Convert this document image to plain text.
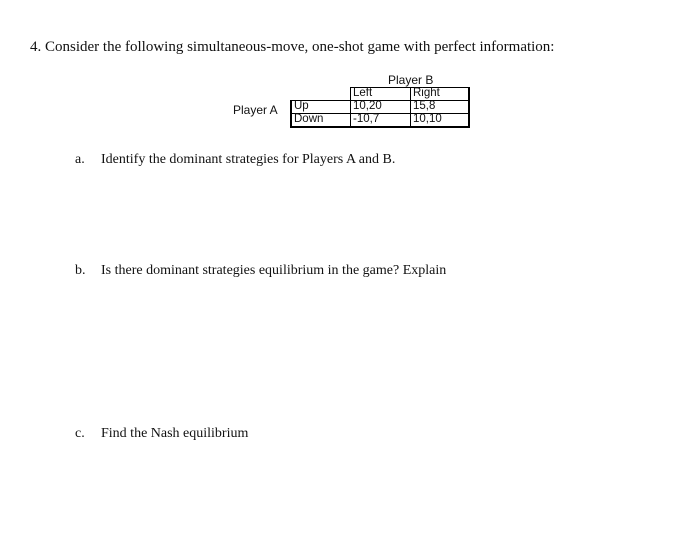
4. Consider the following simultaneous-move, one-shot game with perfect information:
Player B
Player A
	Left	Right
Up	10,20	15,8
Down	-10,7	10,10
a. Identify the dominant strategies for Players A and B.
b. Is there dominant strategies equilibrium in the game? Explain
c. Find the Nash equilibrium
